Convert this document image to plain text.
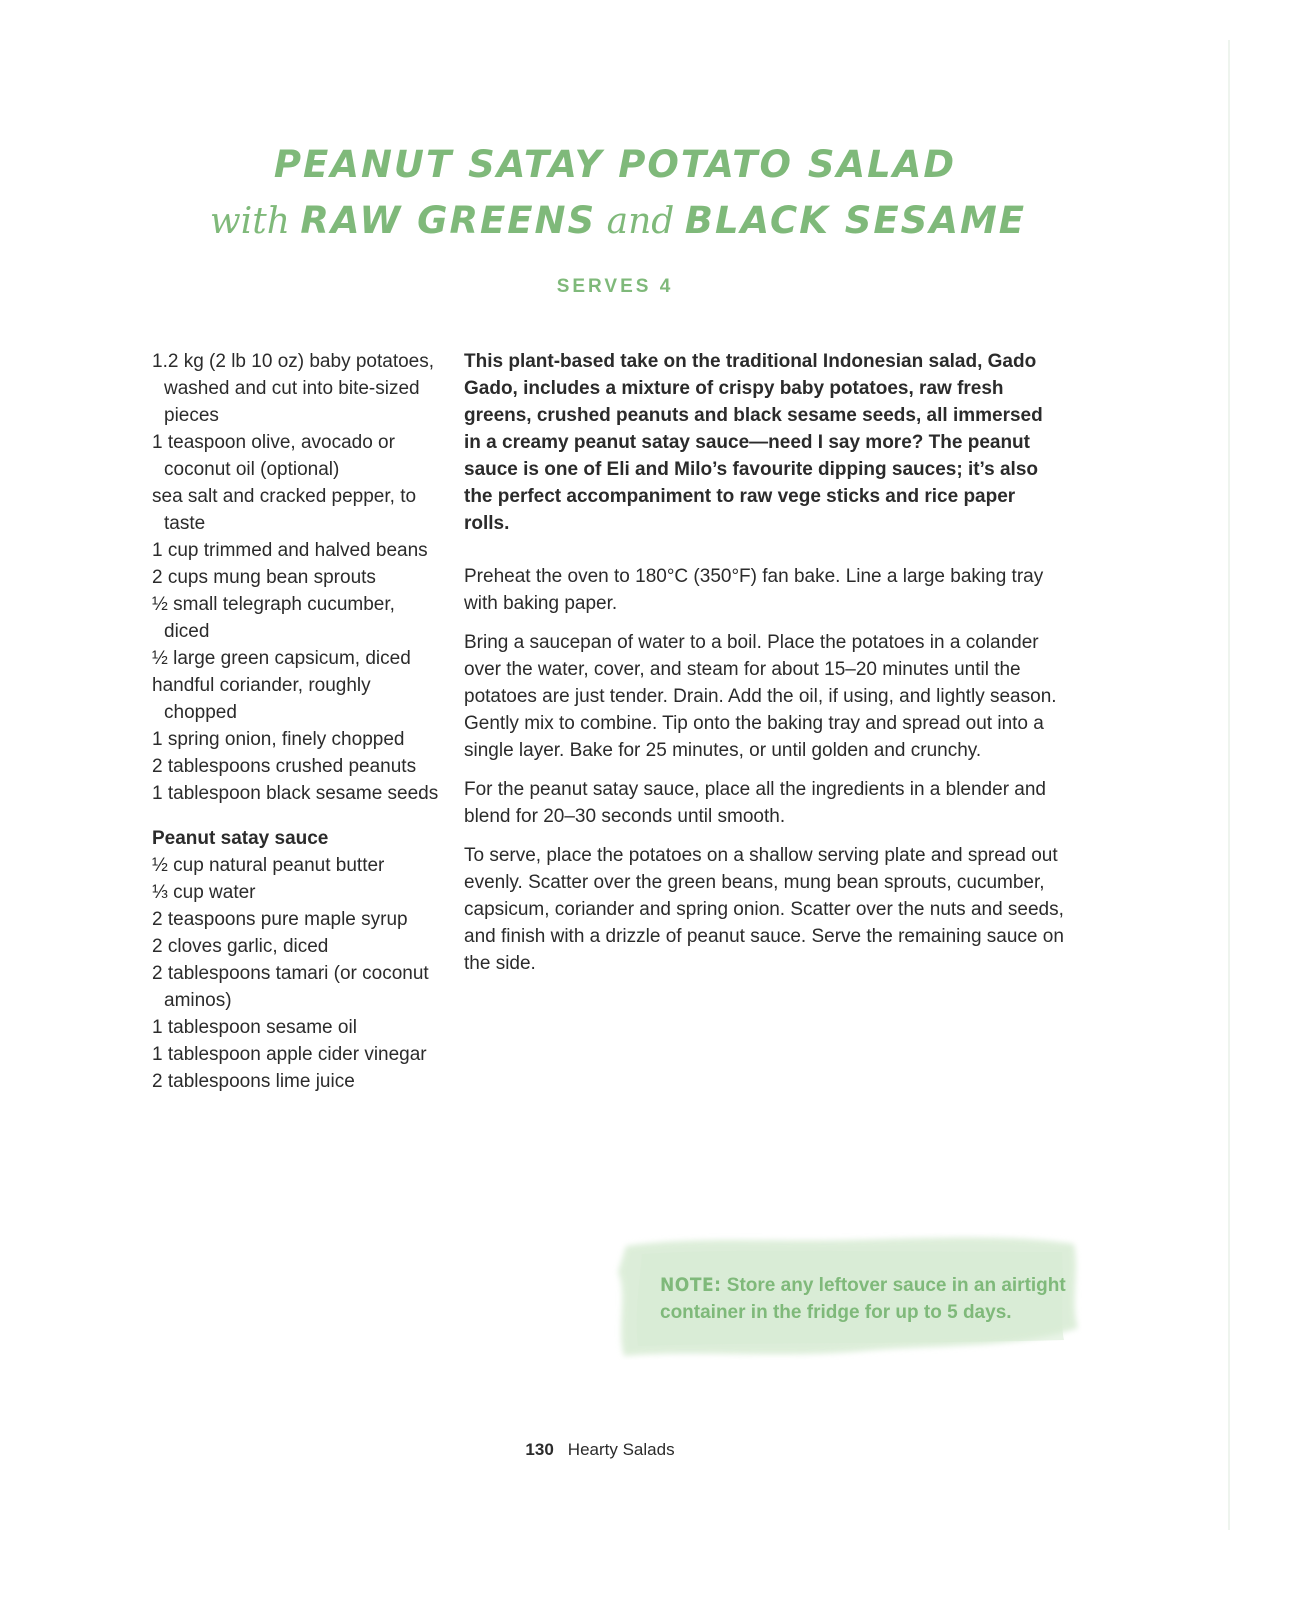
PEANUT SATAY POTATO SALAD
with RAW GREENS and BLACK SESAME
SERVES 4
1.2 kg (2 lb 10 oz) baby potatoes, washed and cut into bite-sized pieces
1 teaspoon olive, avocado or coconut oil (optional)
sea salt and cracked pepper, to taste
1 cup trimmed and halved beans
2 cups mung bean sprouts
½ small telegraph cucumber, diced
½ large green capsicum, diced
handful coriander, roughly chopped
1 spring onion, finely chopped
2 tablespoons crushed peanuts
1 tablespoon black sesame seeds
Peanut satay sauce
½ cup natural peanut butter
⅓ cup water
2 teaspoons pure maple syrup
2 cloves garlic, diced
2 tablespoons tamari (or coconut aminos)
1 tablespoon sesame oil
1 tablespoon apple cider vinegar
2 tablespoons lime juice

This plant-based take on the traditional Indonesian salad, Gado Gado, includes a mixture of crispy baby potatoes, raw fresh greens, crushed peanuts and black sesame seeds, all immersed in a creamy peanut satay sauce—need I say more? The peanut sauce is one of Eli and Milo’s favourite dipping sauces; it’s also the perfect accompaniment to raw vege sticks and rice paper rolls.

Preheat the oven to 180°C (350°F) fan bake. Line a large baking tray with baking paper.

Bring a saucepan of water to a boil. Place the potatoes in a colander over the water, cover, and steam for about 15–20 minutes until the potatoes are just tender. Drain. Add the oil, if using, and lightly season. Gently mix to combine. Tip onto the baking tray and spread out into a single layer. Bake for 25 minutes, or until golden and crunchy.

For the peanut satay sauce, place all the ingredients in a blender and blend for 20–30 seconds until smooth.

To serve, place the potatoes on a shallow serving plate and spread out evenly. Scatter over the green beans, mung bean sprouts, cucumber, capsicum, coriander and spring onion. Scatter over the nuts and seeds, and finish with a drizzle of peanut sauce. Serve the remaining sauce on the side.

NOTE: Store any leftover sauce in an airtight container in the fridge for up to 5 days.
130 Hearty Salads
